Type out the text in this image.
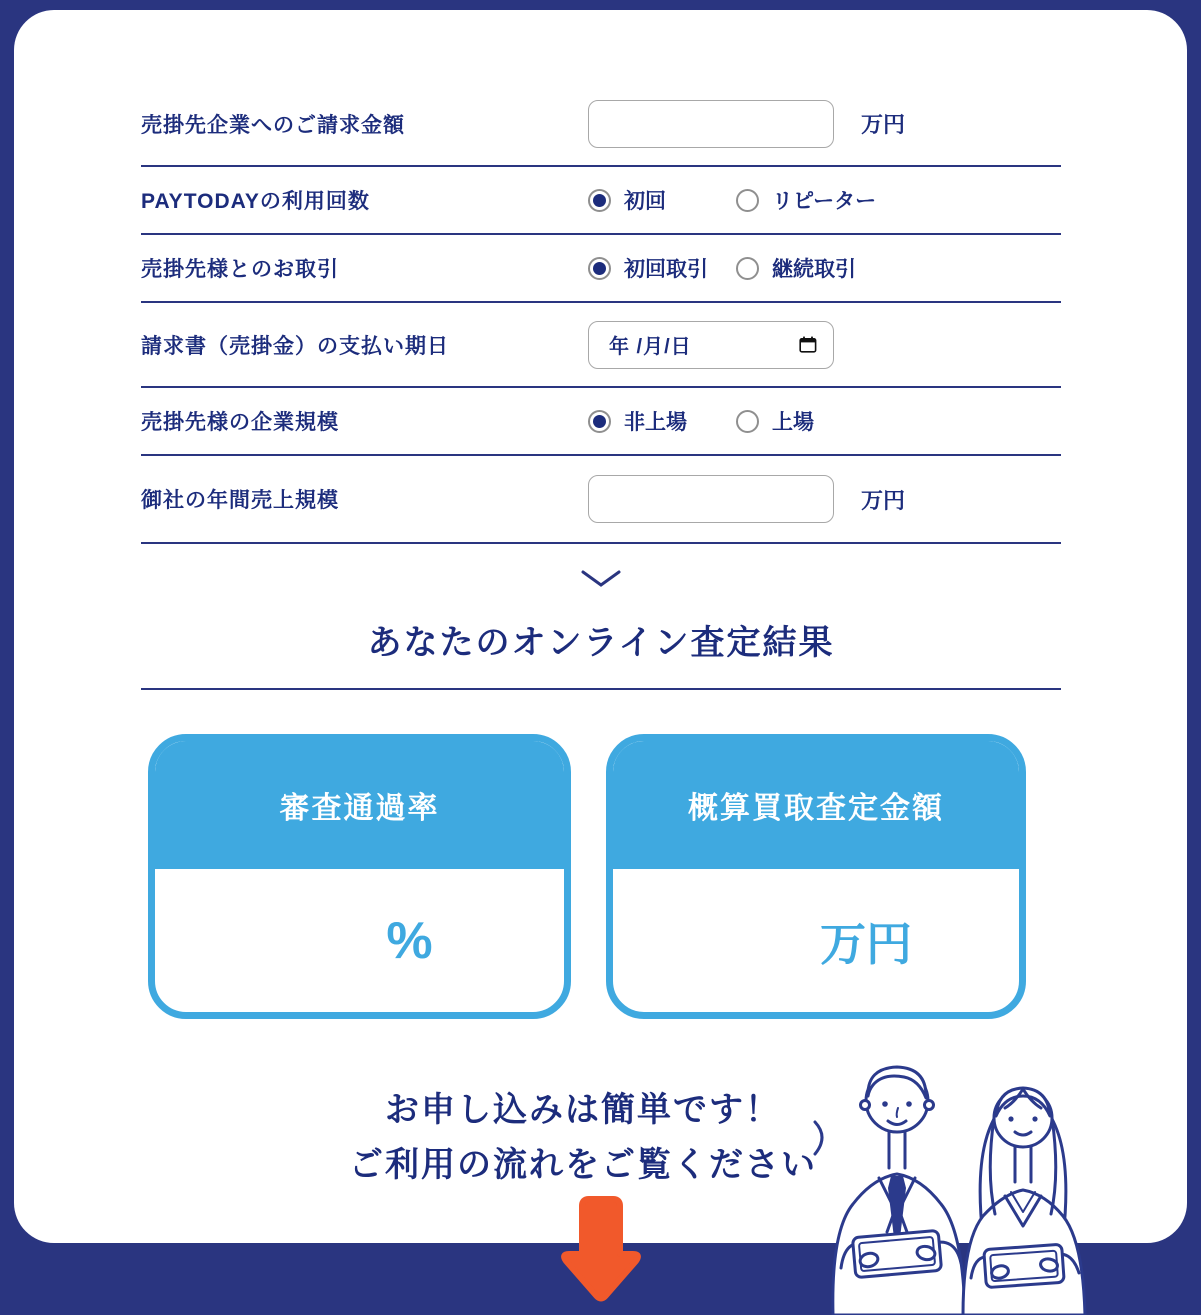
売掛先企業へのご請求金額	万円
PAYTODAYの利用回数	初回	リピーター
売掛先様とのお取引	初回取引	継続取引
請求書（売掛金）の支払い期日	年 /月/日
売掛先様の企業規模	非上場	上場
御社の年間売上規模	万円
あなたのオンライン査定結果
審査通過率
%
概算買取査定金額
万円
お申し込みは簡単です！
ご利用の流れをご覧ください
